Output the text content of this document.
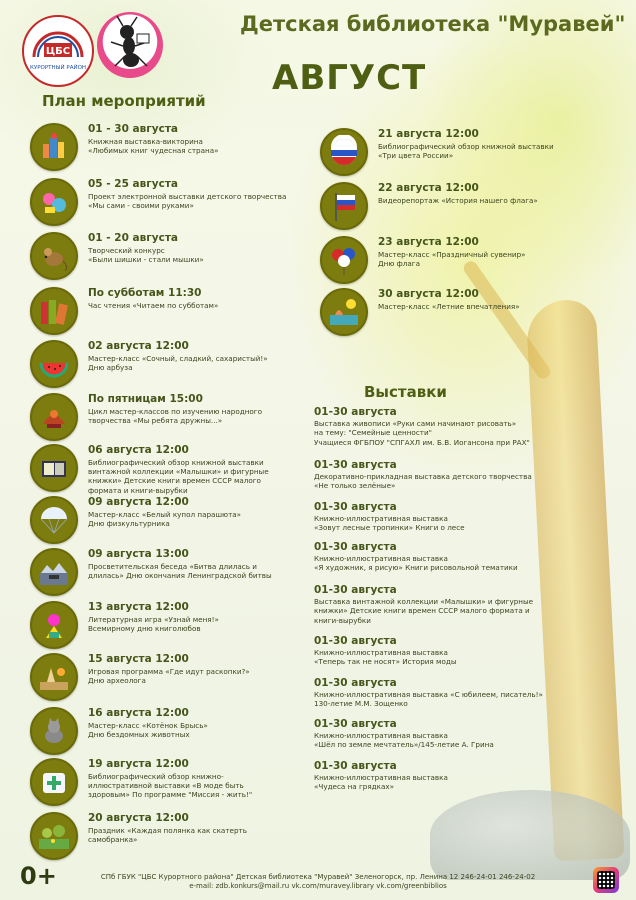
ЦБС
КУРОРТНЫЙ РАЙОН
Детская библиотека "Муравей"
АВГУСТ
План мероприятий
01 - 30 августа
Книжная выставка-викторина
«Любимых книг чудесная страна»
05 - 25 августа
Проект электронной выставки детского творчества
«Мы сами - своими руками»
01 - 20 августа
Творческий конкурс
«Были шишки - стали мышки»
По субботам 11:30
Час чтения «Читаем по субботам»
02 августа 12:00
Мастер-класс «Сочный, сладкий, сахаристый!»
Дню арбуза
По пятницам 15:00
Цикл мастер-классов по изучению народного
творчества «Мы ребята дружны...»
06 августа 12:00
Библиографический обзор книжной выставки
винтажной коллекции «Малышки» и фигурные
книжки» Детские книги времен СССР малого
формата и книги-вырубки
09 августа 12:00
Мастер-класс «Белый купол парашюта»
Дню физкультурника
09 августа 13:00
Просветительская беседа «Битва длилась и
длилась» Дню окончания Ленинградской битвы
13 августа 12:00
Литературная игра «Узнай меня!»
Всемирному дню книголюбов
15 августа 12:00
Игровая программа «Где идут раскопки?»
Дню археолога
16 августа 12:00
Мастер-класс «Котёнок Брысь»
Дню бездомных животных
19 августа 12:00
Библиографический обзор книжно-
иллюстративной выставки «В моде быть
здоровым» По программе "Миссия - жить!"
20 августа 12:00
Праздник «Каждая полянка как скатерть
самобранка»
21 августа 12:00
Библиографический обзор книжной выставки
«Три цвета России»
22 августа 12:00
Видеорепортаж «История нашего флага»
23 августа 12:00
Мастер-класс «Праздничный сувенир»
Дню флага
30 августа 12:00
Мастер-класс «Летние впечатления»
Выставки
01-30 августа
Выставка живописи «Руки сами начинают рисовать»
на тему: "Семейные ценности"
Учащиеся ФГБПОУ "СПГАХЛ им. Б.В. Иогансона при РАХ"
01-30 августа
Декоративно-прикладная выставка детского творчества
«Не только зелёные»
01-30 августа
Книжно-иллюстративная выставка
«Зовут лесные тропинки» Книги о лесе
01-30 августа
Книжно-иллюстративная выставка
«Я художник, я рисую» Книги рисовольной тематики
01-30 августа
Выставка винтажной коллекции «Малышки» и фигурные
книжки» Детские книги времен СССР малого формата и
книги-вырубки
01-30 августа
Книжно-иллюстративная выставка
«Теперь так не носят» История моды
01-30 августа
Книжно-иллюстративная выставка «С юбилеем, писатель!»
130-летие М.М. Зощенко
01-30 августа
Книжно-иллюстративная выставка
«Шёл по земле мечтатель»/145-летие А. Грина
01-30 августа
Книжно-иллюстративная выставка
«Чудеса на грядках»
0+	СПб ГБУК "ЦБС Курортного района" Детская библиотека "Муравей" Зеленогорск, пр. Ленина 12 246-24-01 246-24-02
e-mail: zdb.konkurs@mail.ru vk.com/muravey.library vk.com/greenbiblios
